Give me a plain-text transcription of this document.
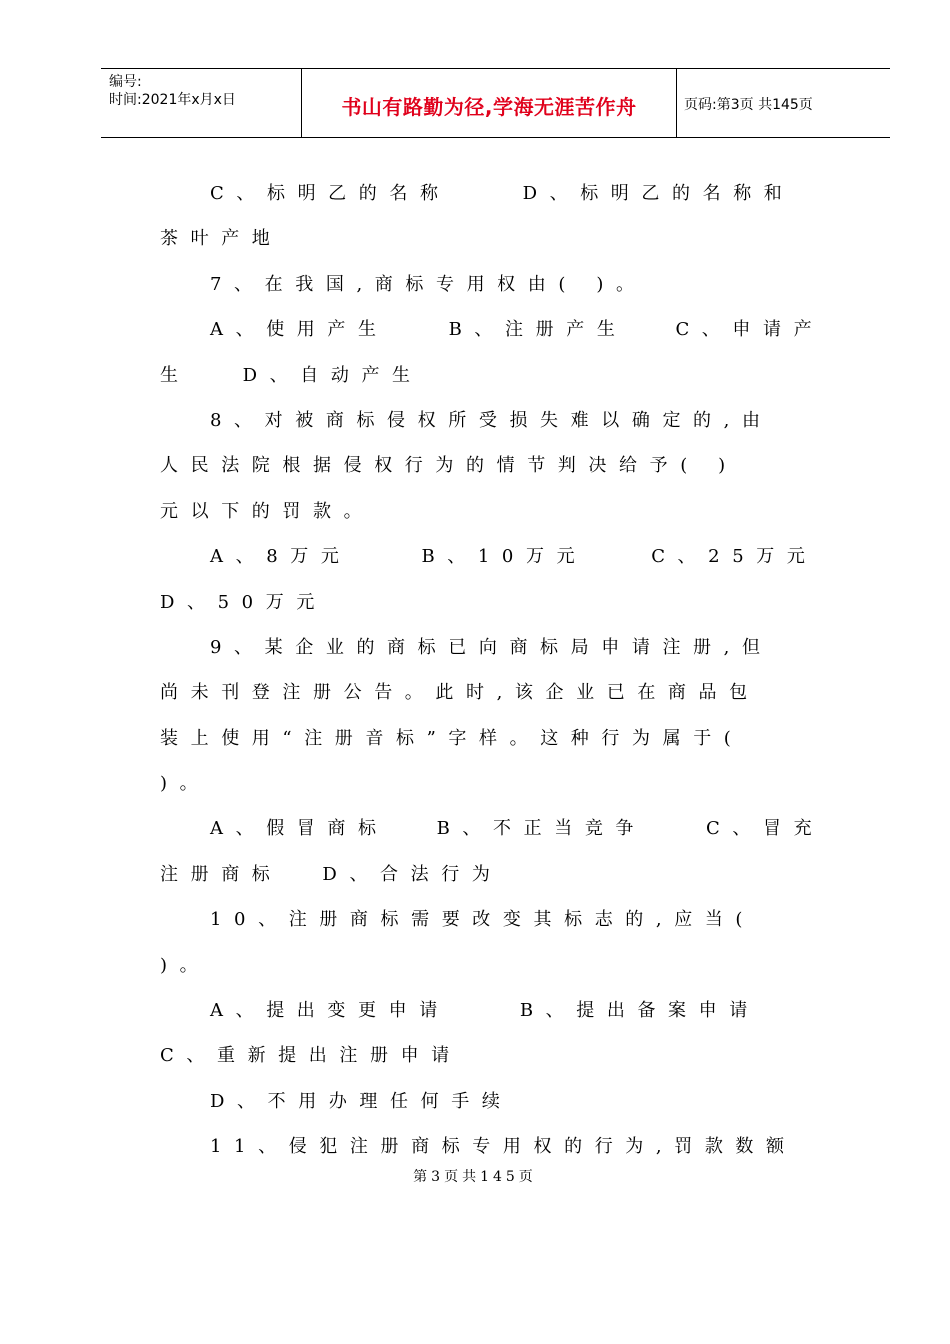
编号:
时间:2021年x月x日	书山有路勤为径,学海无涯苦作舟	页码:第3页 共145页
C、标明乙的名称	D、标明乙的名称和
茶叶产地
7、在我国,商标专用权由( )。
A、使用产生	B、注册产生	C、申请产
生	D、自动产生
8、对被商标侵权所受损失难以确定的,由
人民法院根据侵权行为的情节判决给予( )
元以下的罚款。
A、8万元	B、10万元	C、25万元
D、50万元
9、某企业的商标已向商标局申请注册,但
尚未刊登注册公告。此时,该企业已在商品包
装上使用“注册音标”字样。这种行为属于(
)。
A、假冒商标	B、不正当竞争	C、冒充
注册商标 D、合法行为
10、注册商标需要改变其标志的,应当(
)。
A、提出变更申请	B、提出备案申请
C、重新提出注册申请
D、不用办理任何手续
11、侵犯注册商标专用权的行为,罚款数额
第3页共145页
